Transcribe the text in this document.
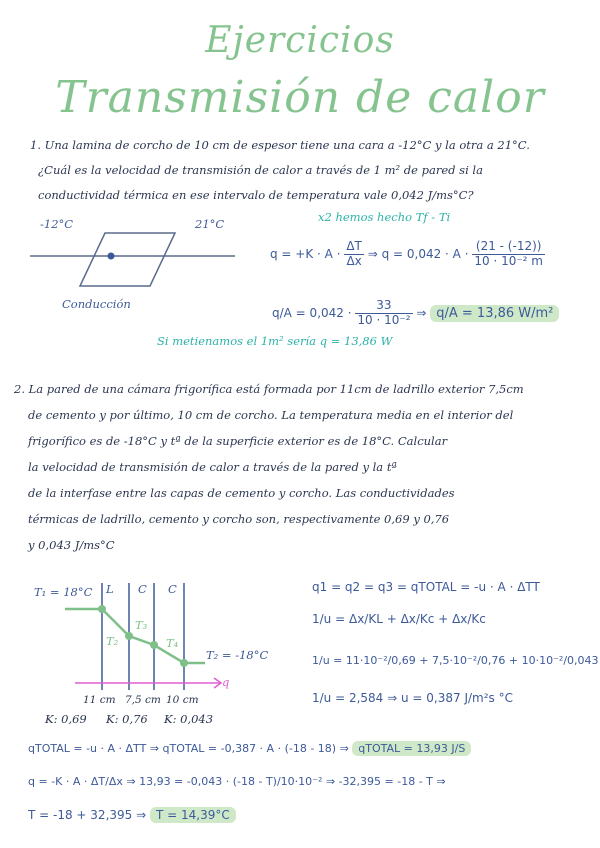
Ejercicios
Transmisión de calor
1. Una lamina de corcho de 10 cm de espesor tiene una cara a -12°C y la otra a 21°C.
¿Cuál es la velocidad de transmisión de calor a través de 1 m² de pared si la
conductividad térmica en ese intervalo de temperatura vale 0,042 J/ms°C?
-12°C	21°C
Conducción
x2 hemos hecho Tf - Ti
$q = +K \cdot A \cdot \frac{\Delta T}{\Delta x}$ ⇒ $q = 0,042 \cdot A \cdot \frac{(21 - (-12))}{\text{10 · 10⁻² m}}$
$q/A = 0,042 \cdot \frac{33}{\text{10 · 10⁻²}}$ ⇒ q/A = 13,86 W/m²
Si metienamos el 1m² sería q = 13,86 W
2. La pared de una cámara frigorífica está formada por 11cm de ladrillo exterior 7,5cm
de cemento y por último, 10 cm de corcho. La temperatura media en el interior del
frigorífico es de -18°C y tª de la superficie exterior es de 18°C. Calcular
la velocidad de transmisión de calor a través de la pared y la tª
de la interfase entre las capas de cemento y corcho. Las conductividades
térmicas de ladrillo, cemento y corcho son, respectivamente 0,69 y 0,76
y 0,043 J/ms°C
T₁ = 18°C L C C
T₂
T₃
T₄
T₂ = -18°C
q
11 cm 7,5 cm 10 cm
K: 0,69 K: 0,76 K: 0,043
q1 = q2 = q3 = qTOTAL = -u · A · ΔTT
1/u = Δx/KL + Δx/Kc + Δx/Kc
1/u = 11·10⁻²/0,69 + 7,5·10⁻²/0,76 + 10·10⁻²/0,043
1/u = 2,584 ⇒ u = 0,387 J/m²s °C
qTOTAL = -u · A · ΔTT ⇒ qTOTAL = -0,387 · A · (-18 - 18) ⇒ qTOTAL = 13,93 J/S
q = -K · A · ΔT/Δx ⇒ 13,93 = -0,043 · (-18 - T)/10·10⁻² ⇒ -32,395 = -18 - T ⇒
T = -18 + 32,395 ⇒ T = 14,39°C
